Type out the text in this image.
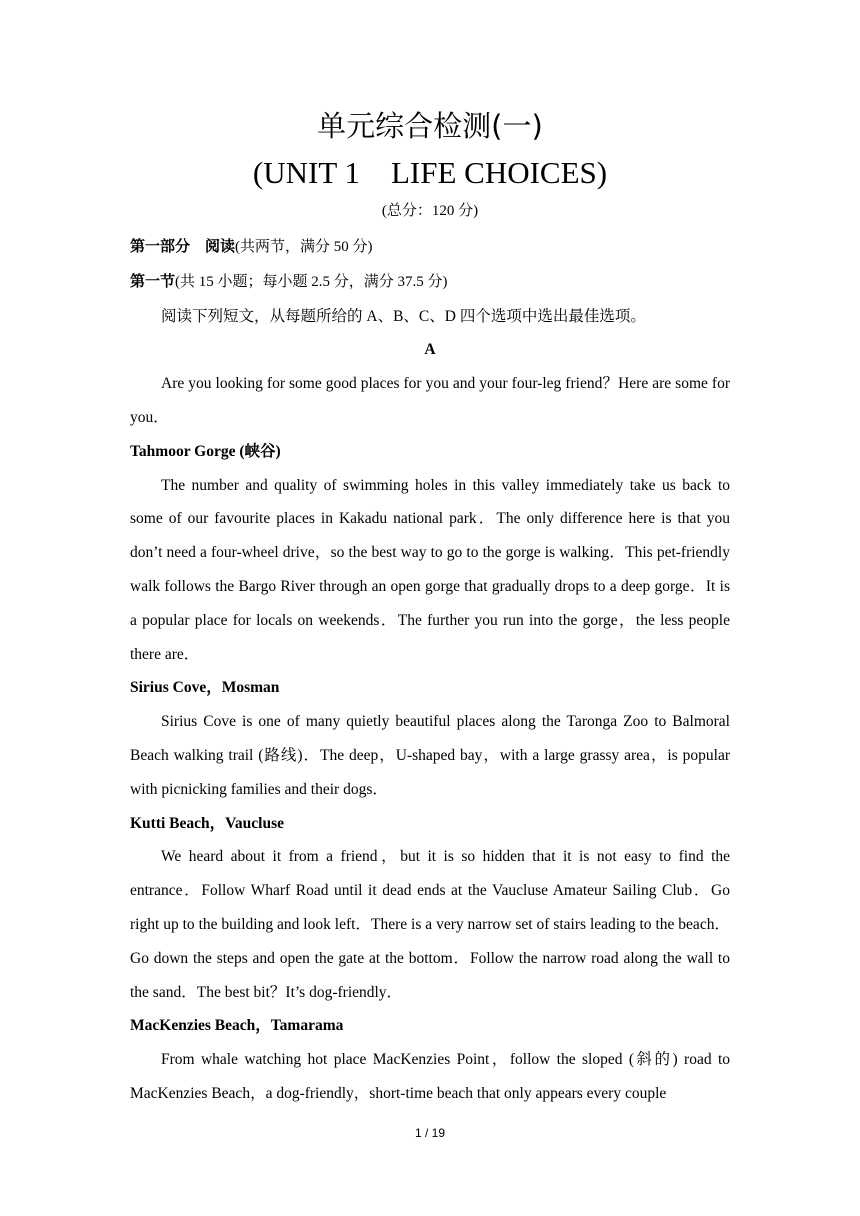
单元综合检测(一)
(UNIT 1    LIFE CHOICES)
(总分：120 分)

第一部分　阅读(共两节，满分 50 分)

第一节(共 15 小题；每小题 2.5 分，满分 37.5 分)

阅读下列短文，从每题所给的 A、B、C、D 四个选项中选出最佳选项。

A

Are you looking for some good places for you and your four-leg friend？Here are some for you．

Tahmoor Gorge (峡谷)

The number and quality of swimming holes in this valley immediately take us back to some of our favourite places in Kakadu national park．The only difference here is that you don’t need a four-wheel drive，so the best way to go to the gorge is walking．This pet-friendly walk follows the Bargo River through an open gorge that gradually drops to a deep gorge．It is a popular place for locals on weekends．The further you run into the gorge，the less people there are．

Sirius Cove，Mosman

Sirius Cove is one of many quietly beautiful places along the Taronga Zoo to Balmoral Beach walking trail (路线)．The deep，U-shaped bay，with a large grassy area，is popular with picnicking families and their dogs．

Kutti Beach，Vaucluse

We heard about it from a friend，but it is so hidden that it is not easy to find the entrance．Follow Wharf Road until it dead ends at the Vaucluse Amateur Sailing Club．Go right up to the building and look left．There is a very narrow set of stairs leading to the beach．Go down the steps and open the gate at the bottom．Follow the narrow road along the wall to the sand．The best bit？It’s dog-friendly．

MacKenzies Beach，Tamarama

From whale watching hot place MacKenzies Point，follow the sloped (斜的) road to MacKenzies Beach，a dog-friendly，short-time beach that only appears every couple

1 / 19
